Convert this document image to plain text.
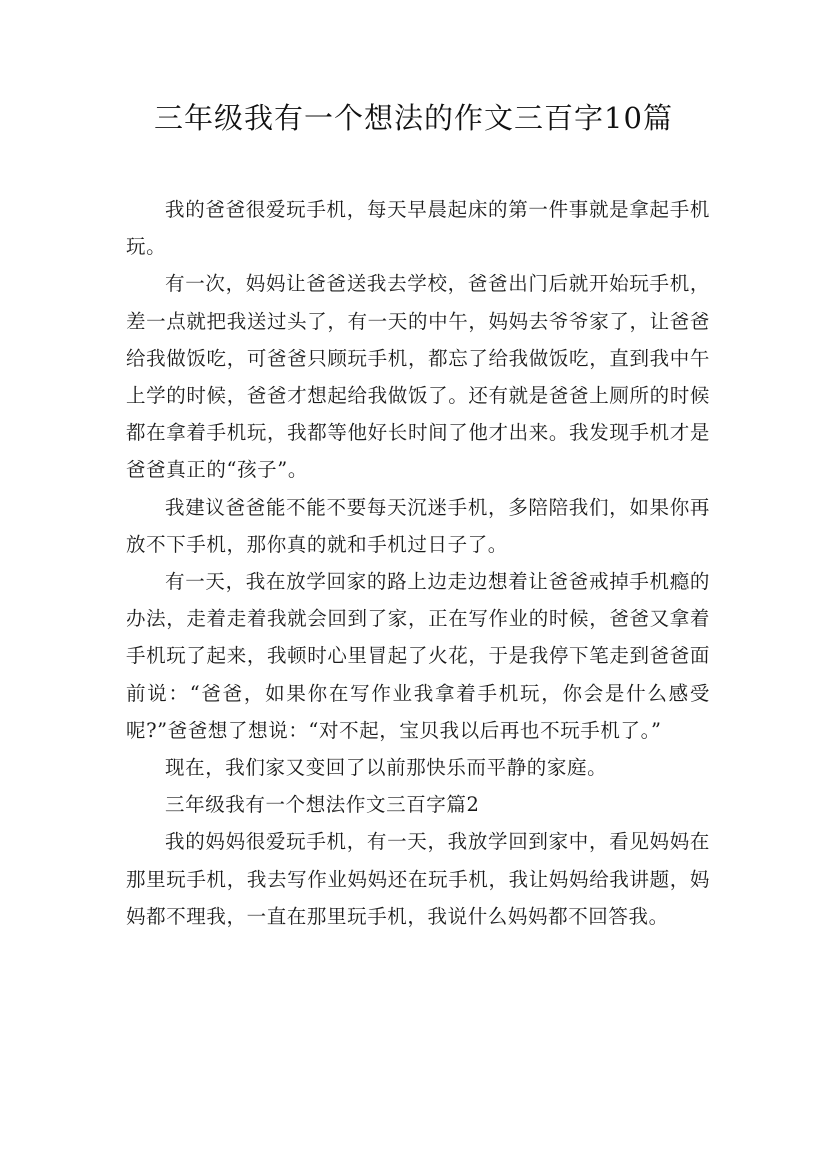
三年级我有一个想法的作文三百字10篇

我的爸爸很爱玩手机，每天早晨起床的第一件事就是拿起手机玩。

有一次，妈妈让爸爸送我去学校，爸爸出门后就开始玩手机，差一点就把我送过头了，有一天的中午，妈妈去爷爷家了，让爸爸给我做饭吃，可爸爸只顾玩手机，都忘了给我做饭吃，直到我中午上学的时候，爸爸才想起给我做饭了。还有就是爸爸上厕所的时候都在拿着手机玩，我都等他好长时间了他才出来。我发现手机才是爸爸真正的“孩子”。

我建议爸爸能不能不要每天沉迷手机，多陪陪我们，如果你再放不下手机，那你真的就和手机过日子了。

有一天，我在放学回家的路上边走边想着让爸爸戒掉手机瘾的办法，走着走着我就会回到了家，正在写作业的时候，爸爸又拿着手机玩了起来，我顿时心里冒起了火花，于是我停下笔走到爸爸面前说：“爸爸，如果你在写作业我拿着手机玩，你会是什么感受呢?”爸爸想了想说：“对不起，宝贝我以后再也不玩手机了。”

现在，我们家又变回了以前那快乐而平静的家庭。

三年级我有一个想法作文三百字篇2

我的妈妈很爱玩手机，有一天，我放学回到家中，看见妈妈在那里玩手机，我去写作业妈妈还在玩手机，我让妈妈给我讲题，妈妈都不理我，一直在那里玩手机，我说什么妈妈都不回答我。
